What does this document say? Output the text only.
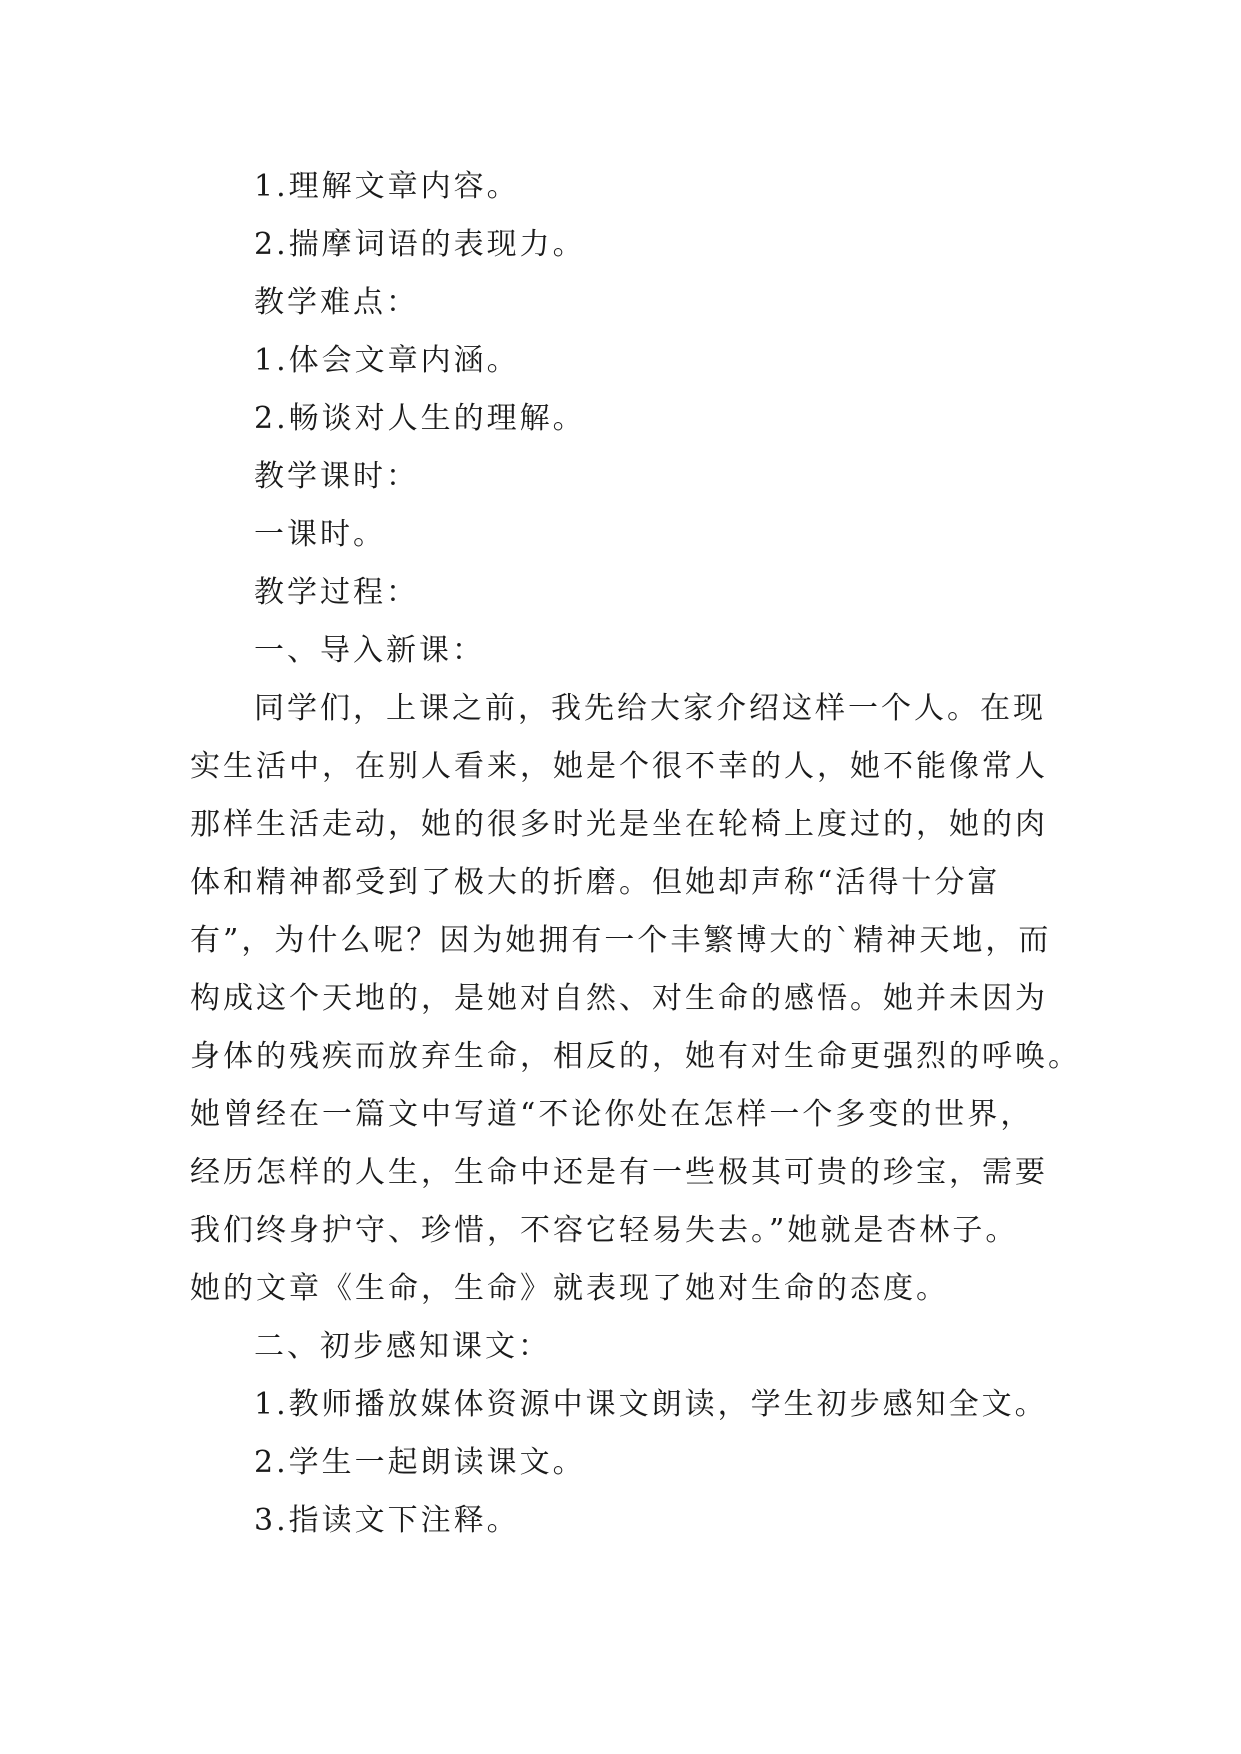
1.理解文章内容。
2.揣摩词语的表现力。
教学难点：
1.体会文章内涵。
2.畅谈对人生的理解。
教学课时：
一课时。
教学过程：
一、导入新课：
同学们，上课之前，我先给大家介绍这样一个人。在现
实生活中，在别人看来，她是个很不幸的人，她不能像常人
那样生活走动，她的很多时光是坐在轮椅上度过的，她的肉
体和精神都受到了极大的折磨。但她却声称“活得十分富
有”，为什么呢？因为她拥有一个丰繁博大的`精神天地，而
构成这个天地的，是她对自然、对生命的感悟。她并未因为
身体的残疾而放弃生命，相反的，她有对生命更强烈的呼唤。
她曾经在一篇文中写道“不论你处在怎样一个多变的世界，
经历怎样的人生，生命中还是有一些极其可贵的珍宝，需要
我们终身护守、珍惜，不容它轻易失去。”她就是杏林子。
她的文章《生命，生命》就表现了她对生命的态度。
二、初步感知课文：
1.教师播放媒体资源中课文朗读，学生初步感知全文。
2.学生一起朗读课文。
3.指读文下注释。
